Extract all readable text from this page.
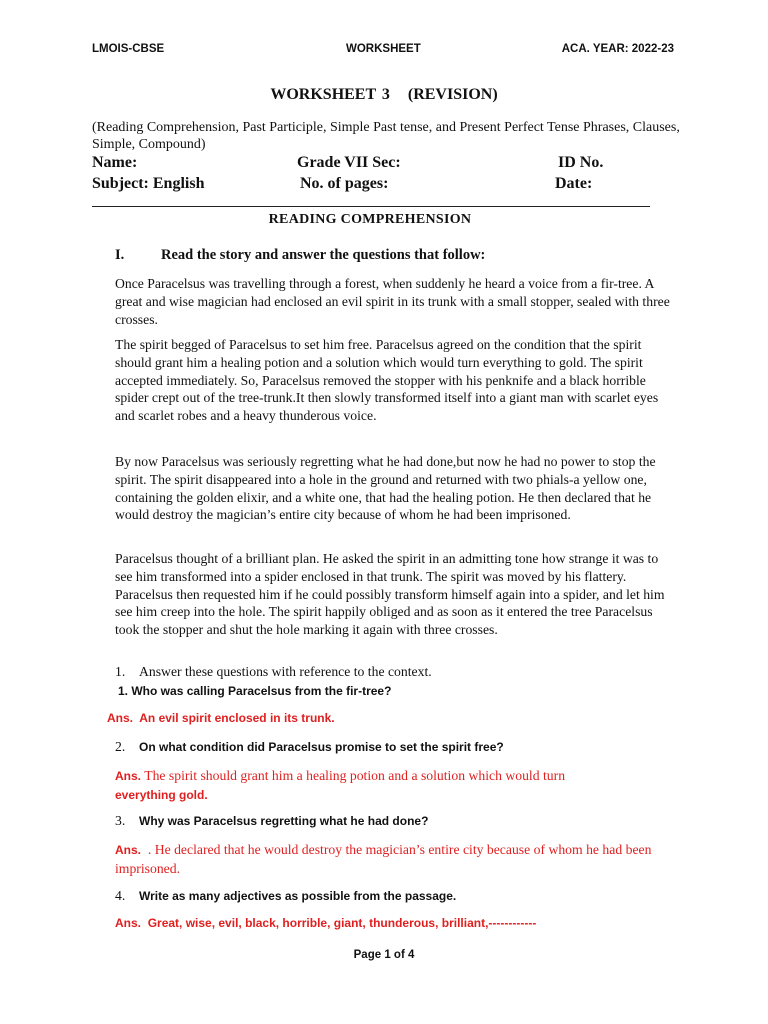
LMOIS-CBSE	WORKSHEET	ACA. YEAR: 2022-23
WORKSHEET 3   (REVISION)
(Reading Comprehension, Past Participle, Simple Past tense, and Present Perfect Tense Phrases, Clauses, Simple, Compound)
Name:	Grade VII Sec:	ID No.
Subject: English	No. of pages:	Date:
READING COMPREHENSION
I.	Read the story and answer the questions that follow:

Once Paracelsus was travelling through a forest, when suddenly he heard a voice from a fir-tree. A great and wise magician had enclosed an evil spirit in its trunk with a small stopper, sealed with three crosses.

The spirit begged of Paracelsus to set him free. Paracelsus agreed on the condition that the spirit should grant him a healing potion and a solution which would turn everything to gold. The spirit accepted immediately. So, Paracelsus removed the stopper with his penknife and a black horrible spider crept out of the tree-trunk.It then slowly transformed itself into a giant man with scarlet eyes and scarlet robes and a heavy thunderous voice.

By now Paracelsus was seriously regretting what he had done,but now he had no power to stop the spirit. The spirit disappeared into a hole in the ground and returned with two phials-a yellow one, containing the golden elixir, and a white one, that had the healing potion. He then declared that he would destroy the magician’s entire city because of whom he had been imprisoned.

Paracelsus thought of a brilliant plan. He asked the spirit in an admitting tone how strange it was to see him transformed into a spider enclosed in that trunk. The spirit was moved by his flattery. Paracelsus then requested him if he could possibly transform himself again into a spider, and let him see him creep into the hole. The spirit happily obliged and as soon as it entered the tree Paracelsus took the stopper and shut the hole marking it again with three crosses.

1. Answer these questions with reference to the context.
1. Who was calling Paracelsus from the fir-tree?
Ans. An evil spirit enclosed in its trunk.
2. On what condition did Paracelsus promise to set the spirit free?
Ans. The spirit should grant him a healing potion and a solution which would turn
everything gold.
3. Why was Paracelsus regretting what he had done?
Ans. . He declared that he would destroy the magician’s entire city because of whom he had been imprisoned.
4. Write as many adjectives as possible from the passage.
Ans. Great, wise, evil, black, horrible, giant, thunderous, brilliant,------------
Page 1 of 4
